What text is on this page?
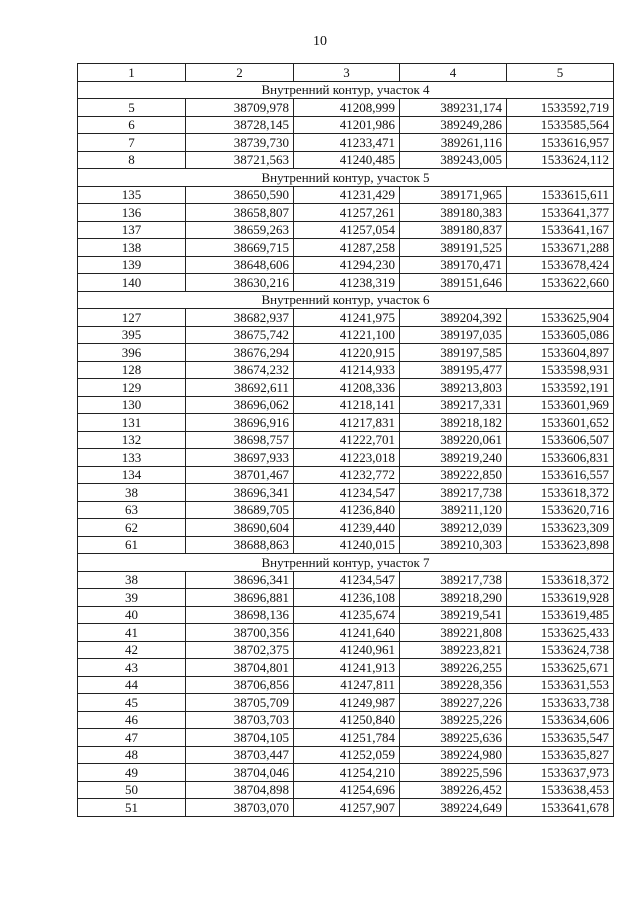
10
1	2	3	4	5
Внутренний контур, участок 4				
5	38709,978	41208,999	389231,174	1533592,719
6	38728,145	41201,986	389249,286	1533585,564
7	38739,730	41233,471	389261,116	1533616,957
8	38721,563	41240,485	389243,005	1533624,112
Внутренний контур, участок 5				
135	38650,590	41231,429	389171,965	1533615,611
136	38658,807	41257,261	389180,383	1533641,377
137	38659,263	41257,054	389180,837	1533641,167
138	38669,715	41287,258	389191,525	1533671,288
139	38648,606	41294,230	389170,471	1533678,424
140	38630,216	41238,319	389151,646	1533622,660
Внутренний контур, участок 6				
127	38682,937	41241,975	389204,392	1533625,904
395	38675,742	41221,100	389197,035	1533605,086
396	38676,294	41220,915	389197,585	1533604,897
128	38674,232	41214,933	389195,477	1533598,931
129	38692,611	41208,336	389213,803	1533592,191
130	38696,062	41218,141	389217,331	1533601,969
131	38696,916	41217,831	389218,182	1533601,652
132	38698,757	41222,701	389220,061	1533606,507
133	38697,933	41223,018	389219,240	1533606,831
134	38701,467	41232,772	389222,850	1533616,557
38	38696,341	41234,547	389217,738	1533618,372
63	38689,705	41236,840	389211,120	1533620,716
62	38690,604	41239,440	389212,039	1533623,309
61	38688,863	41240,015	389210,303	1533623,898
Внутренний контур, участок 7				
38	38696,341	41234,547	389217,738	1533618,372
39	38696,881	41236,108	389218,290	1533619,928
40	38698,136	41235,674	389219,541	1533619,485
41	38700,356	41241,640	389221,808	1533625,433
42	38702,375	41240,961	389223,821	1533624,738
43	38704,801	41241,913	389226,255	1533625,671
44	38706,856	41247,811	389228,356	1533631,553
45	38705,709	41249,987	389227,226	1533633,738
46	38703,703	41250,840	389225,226	1533634,606
47	38704,105	41251,784	389225,636	1533635,547
48	38703,447	41252,059	389224,980	1533635,827
49	38704,046	41254,210	389225,596	1533637,973
50	38704,898	41254,696	389226,452	1533638,453
51	38703,070	41257,907	389224,649	1533641,678
